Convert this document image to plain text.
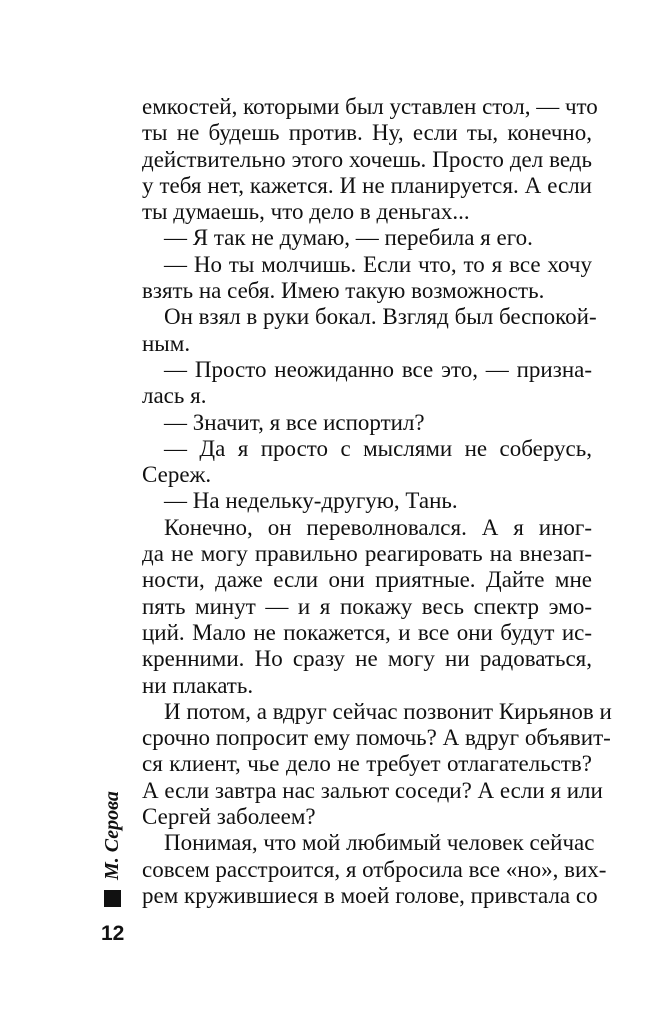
емкостей, которыми был уставлен стол, — что
ты не будешь против. Ну, если ты, конечно,
действительно этого хочешь. Просто дел ведь
у тебя нет, кажется. И не планируется. А если
ты думаешь, что дело в деньгах...
— Я так не думаю, — перебила я его.
— Но ты молчишь. Если что, то я все хочу
взять на себя. Имею такую возможность.
Он взял в руки бокал. Взгляд был беспокой-
ным.
— Просто неожиданно все это, — призна-
лась я.
— Значит, я все испортил?
— Да я просто с мыслями не соберусь,
Сереж.
— На недельку-другую, Тань.
Конечно, он переволновался. А я иног-
да не могу правильно реагировать на внезап-
ности, даже если они приятные. Дайте мне
пять минут — и я покажу весь спектр эмо-
ций. Мало не покажется, и все они будут ис-
кренними. Но сразу не могу ни радоваться,
ни плакать.
И потом, а вдруг сейчас позвонит Кирьянов и
срочно попросит ему помочь? А вдруг объявит-
ся клиент, чье дело не требует отлагательств?
А если завтра нас зальют соседи? А если я или
Сергей заболеем?
Понимая, что мой любимый человек сейчас
совсем расстроится, я отбросила все «но», вих-
рем кружившиеся в моей голове, привстала со
М. Серова
12
